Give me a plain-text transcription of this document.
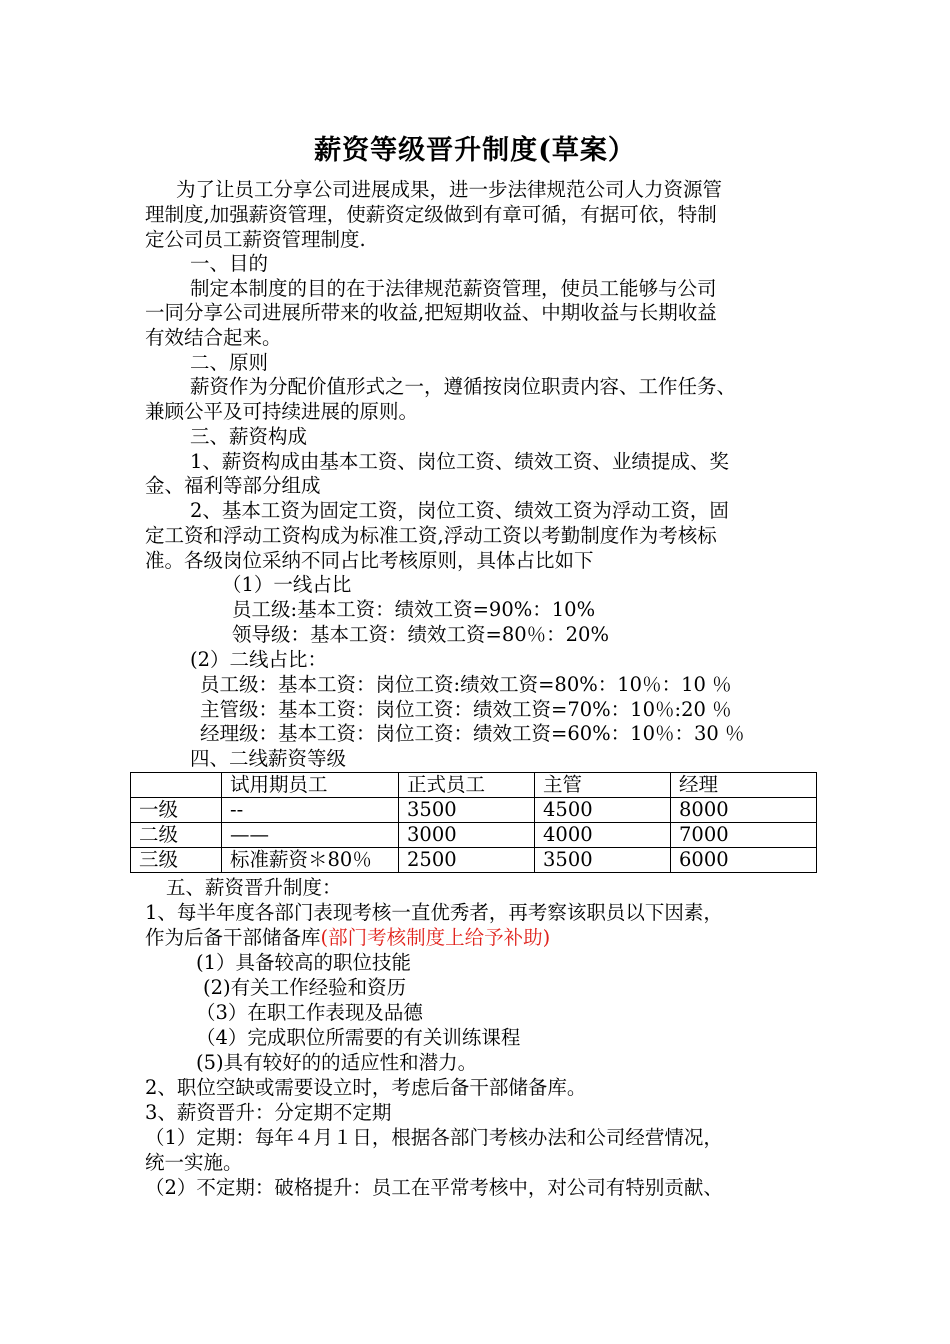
薪资等级晋升制度(草案）
为了让员工分享公司进展成果，进一步法律规范公司人力资源管
理制度,加强薪资管理，使薪资定级做到有章可循，有据可依，特制
定公司员工薪资管理制度.
一、目的
制定本制度的目的在于法律规范薪资管理，使员工能够与公司
一同分享公司进展所带来的收益,把短期收益、中期收益与长期收益
有效结合起来。
二、原则
薪资作为分配价值形式之一，遵循按岗位职责内容、工作任务、
兼顾公平及可持续进展的原则。
三、薪资构成
1、薪资构成由基本工资、岗位工资、绩效工资、业绩提成、奖
金、福利等部分组成
2、基本工资为固定工资，岗位工资、绩效工资为浮动工资，固
定工资和浮动工资构成为标准工资,浮动工资以考勤制度作为考核标
准。各级岗位采纳不同占比考核原则，具体占比如下
（1）一线占比
员工级:基本工资：绩效工资=90%：10%
领导级：基本工资：绩效工资=80％：20%
(2）二线占比：
员工级：基本工资：岗位工资:绩效工资=80%：10％：10 ％
主管级：基本工资：岗位工资：绩效工资=70%：10％:20 ％
经理级：基本工资：岗位工资：绩效工资=60%：10％：30 ％
四、二线薪资等级
	试用期员工	正式员工	主管	经理
一级	--	3500	4500	8000
二级	——	3000	4000	7000
三级	标准薪资＊80％	2500	3500	6000
五、薪资晋升制度：
1、每半年度各部门表现考核一直优秀者，再考察该职员以下因素，
作为后备干部储备库(部门考核制度上给予补助)
(1）具备较高的职位技能
(2)有关工作经验和资历
（3）在职工作表现及品德
（4）完成职位所需要的有关训练课程
(5)具有较好的的适应性和潜力。
2、职位空缺或需要设立时，考虑后备干部储备库。
3、薪资晋升：分定期不定期
（1）定期：每年４月１日，根据各部门考核办法和公司经营情况，
统一实施。
（2）不定期：破格提升：员工在平常考核中，对公司有特别贡献、
